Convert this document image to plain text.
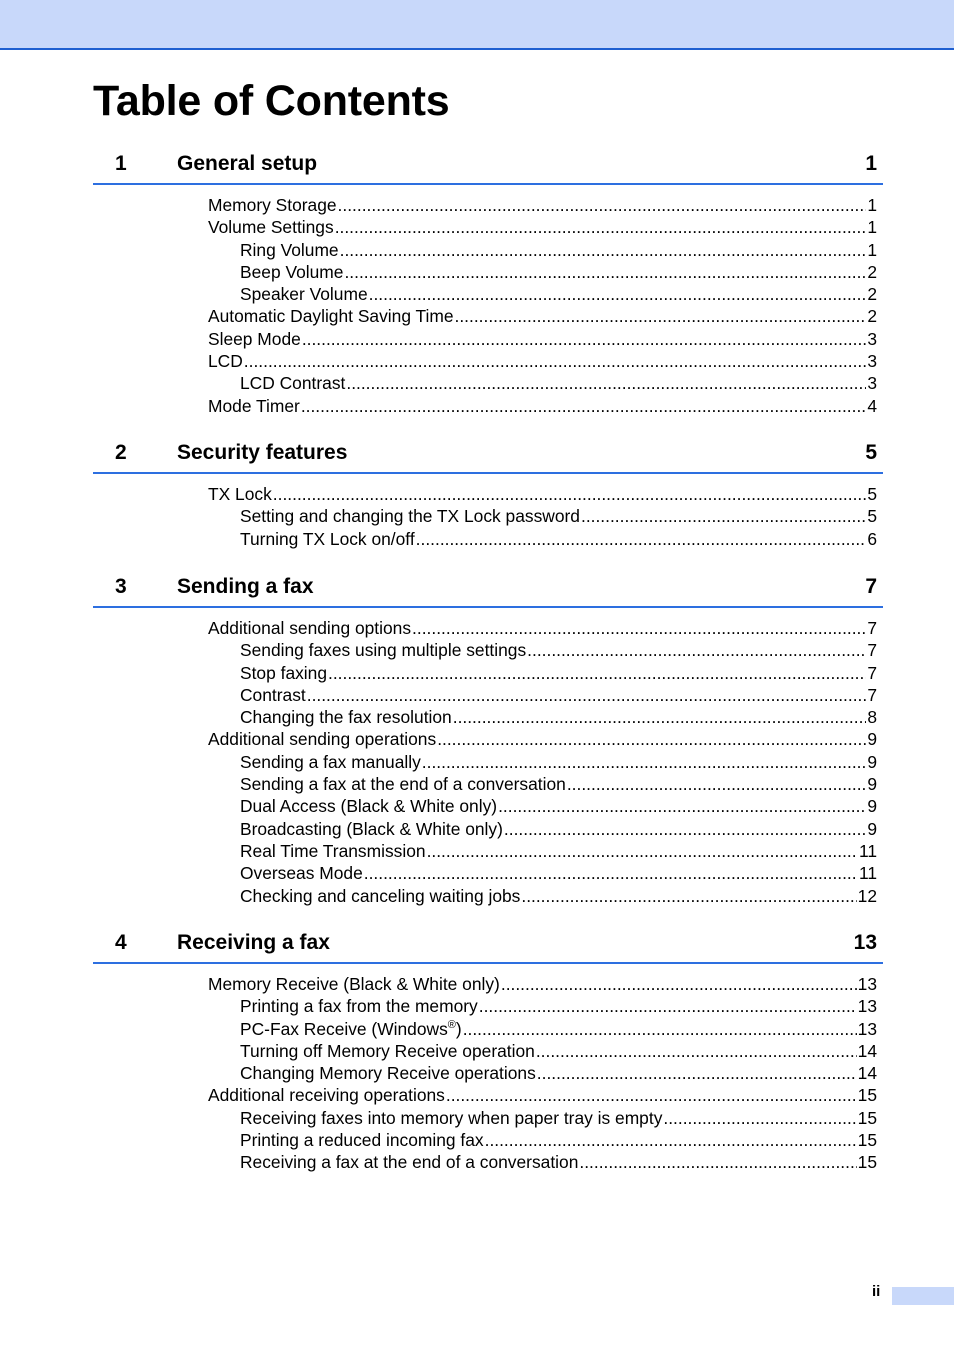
Table of Contents
1 General setup	1
Memory Storage .....	1
Volume Settings .....	1
Ring Volume .....	1
Beep Volume .....	2
Speaker Volume .....	2
Automatic Daylight Saving Time .....	2
Sleep Mode .....	3
LCD .....	3
LCD Contrast .....	3
Mode Timer .....	4
2 Security features	5
TX Lock .....	5
Setting and changing the TX Lock password .....	5
Turning TX Lock on/off .....	6
3 Sending a fax	7
Additional sending options .....	7
Sending faxes using multiple settings .....	7
Stop faxing .....	7
Contrast .....	7
Changing the fax resolution .....	8
Additional sending operations .....	9
Sending a fax manually .....	9
Sending a fax at the end of a conversation .....	9
Dual Access (Black & White only) .....	9
Broadcasting (Black & White only) .....	9
Real Time Transmission .....	11
Overseas Mode .....	11
Checking and canceling waiting jobs .....	12
4 Receiving a fax	13
Memory Receive (Black & White only) .....	13
Printing a fax from the memory .....	13
PC-Fax Receive (Windows®) .....	13
Turning off Memory Receive operation .....	14
Changing Memory Receive operations .....	14
Additional receiving operations .....	15
Receiving faxes into memory when paper tray is empty .....	15
Printing a reduced incoming fax .....	15
Receiving a fax at the end of a conversation .....	15
ii
